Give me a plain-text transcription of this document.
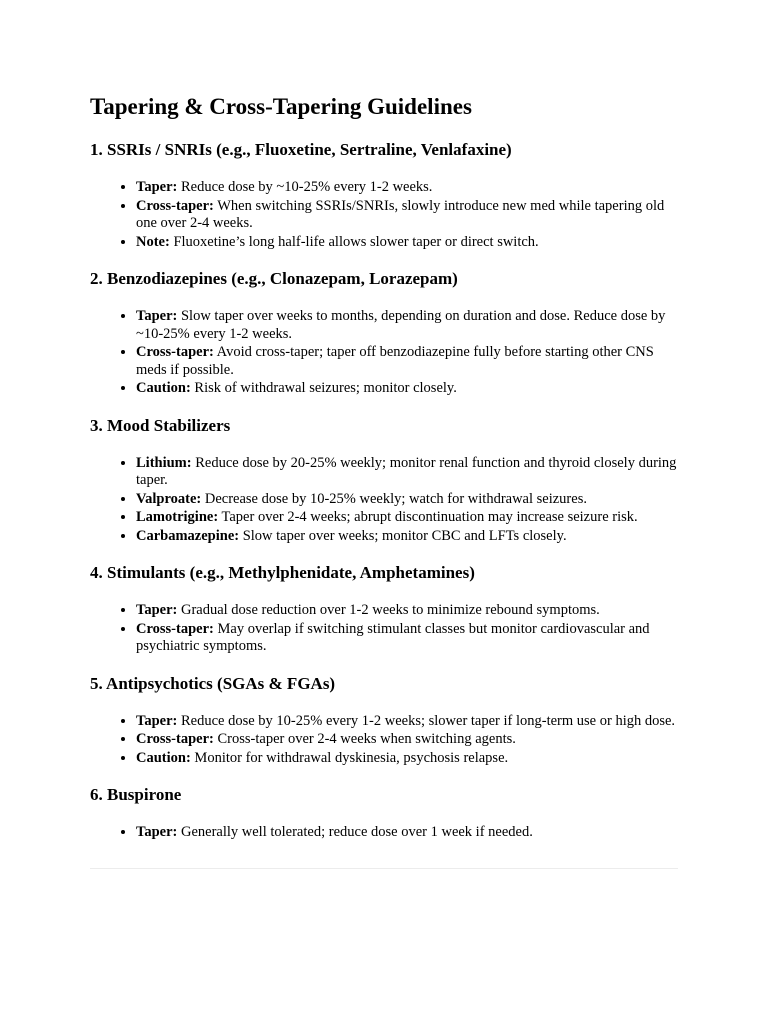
Tapering & Cross-Tapering Guidelines
1. SSRIs / SNRIs (e.g., Fluoxetine, Sertraline, Venlafaxine)
• Taper: Reduce dose by ~10-25% every 1-2 weeks.
• Cross-taper: When switching SSRIs/SNRIs, slowly introduce new med while tapering old one over 2-4 weeks.
• Note: Fluoxetine’s long half-life allows slower taper or direct switch.
2. Benzodiazepines (e.g., Clonazepam, Lorazepam)
• Taper: Slow taper over weeks to months, depending on duration and dose. Reduce dose by ~10-25% every 1-2 weeks.
• Cross-taper: Avoid cross-taper; taper off benzodiazepine fully before starting other CNS meds if possible.
• Caution: Risk of withdrawal seizures; monitor closely.
3. Mood Stabilizers
• Lithium: Reduce dose by 20-25% weekly; monitor renal function and thyroid closely during taper.
• Valproate: Decrease dose by 10-25% weekly; watch for withdrawal seizures.
• Lamotrigine: Taper over 2-4 weeks; abrupt discontinuation may increase seizure risk.
• Carbamazepine: Slow taper over weeks; monitor CBC and LFTs closely.
4. Stimulants (e.g., Methylphenidate, Amphetamines)
• Taper: Gradual dose reduction over 1-2 weeks to minimize rebound symptoms.
• Cross-taper: May overlap if switching stimulant classes but monitor cardiovascular and psychiatric symptoms.
5. Antipsychotics (SGAs & FGAs)
• Taper: Reduce dose by 10-25% every 1-2 weeks; slower taper if long-term use or high dose.
• Cross-taper: Cross-taper over 2-4 weeks when switching agents.
• Caution: Monitor for withdrawal dyskinesia, psychosis relapse.
6. Buspirone
• Taper: Generally well tolerated; reduce dose over 1 week if needed.
